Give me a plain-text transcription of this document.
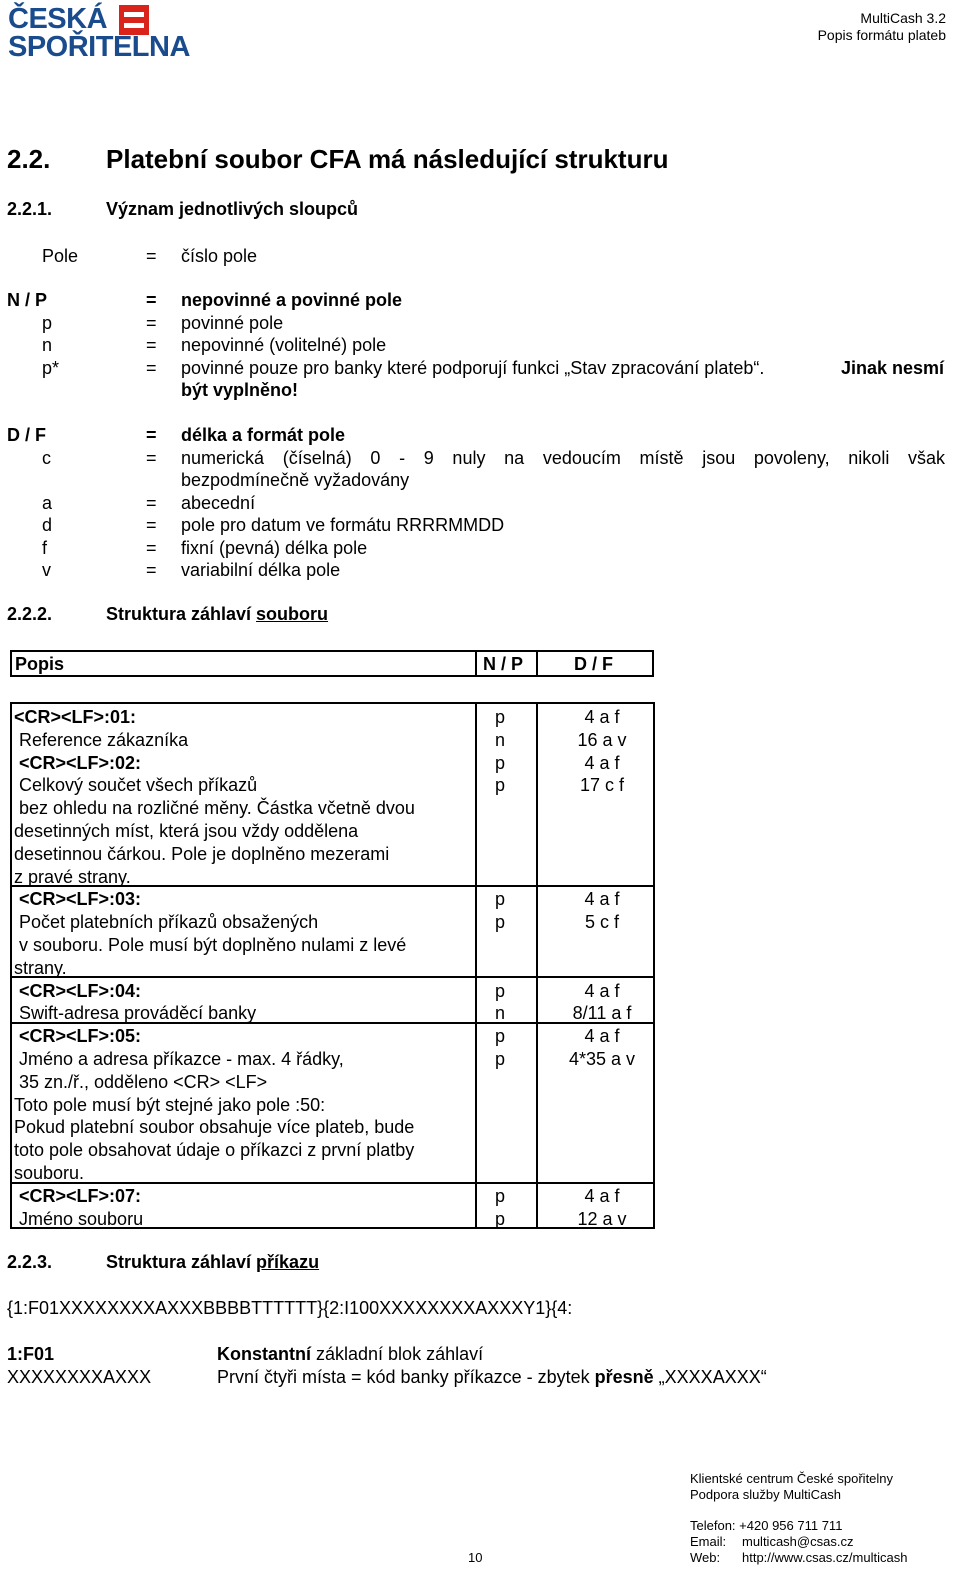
ČESKÁ
SPOŘITELNA
MultiCash 3.2
Popis formátu plateb
2.2. Platební soubor CFA má následující strukturu
2.2.1.	Význam jednotlivých sloupců
Pole	= číslo pole
N / P	= nepovinné a povinné pole
p	= povinné pole
n	= nepovinné (volitelné) pole
p*	= povinné pouze pro banky které podporují funkci „Stav zpracování plateb“.	Jinak nesmí
být vyplněno!
D / F	= délka a formát pole
c	= numerická (číselná) 0 - 9 nuly na vedoucím místě jsou povoleny, nikoli však
bezpodmínečně vyžadovány
a	= abecední
d	= pole pro datum ve formátu RRRRMMDD
f	= fixní (pevná) délka pole
v	= variabilní délka pole
2.2.2.	Struktura záhlaví souboru
Popis	N / P	D / F
<CR><LF>:01:	p	4 a f
Reference zákazníka	n	16 a v
<CR><LF>:02:	p	4 a f
Celkový součet všech příkazů	p	17 c f
bez ohledu na rozličné měny. Částka včetně dvou
desetinných míst, která jsou vždy oddělena
desetinnou čárkou. Pole je doplněno mezerami
z pravé strany.
<CR><LF>:03:	p	4 a f
Počet platebních příkazů obsažených	p	5 c f
v souboru. Pole musí být doplněno nulami z levé
strany.
<CR><LF>:04:	p	4 a f
Swift-adresa prováděcí banky	n	8/11 a f
<CR><LF>:05:	p	4 a f
Jméno a adresa příkazce - max. 4 řádky,	p	4*35 a v
35 zn./ř., odděleno <CR> <LF>
Toto pole musí být stejné jako pole :50:
Pokud platební soubor obsahuje více plateb, bude
toto pole obsahovat údaje o příkazci z první platby
souboru.
<CR><LF>:07:	p	4 a f
Jméno souboru	p	12 a v
2.2.3.	Struktura záhlaví příkazu
{1:F01XXXXXXXXAXXXBBBBTTTTTT}{2:I100XXXXXXXXAXXXY1}{4:
1:F01	Konstantní základní blok záhlaví
XXXXXXXXAXXX	První čtyři místa = kód banky příkazce - zbytek přesně „XXXXAXXX“
Klientské centrum České spořitelny
Podpora služby MultiCash
Telefon: +420 956 711 711
Email: multicash@csas.cz
Web: http://www.csas.cz/multicash
10
